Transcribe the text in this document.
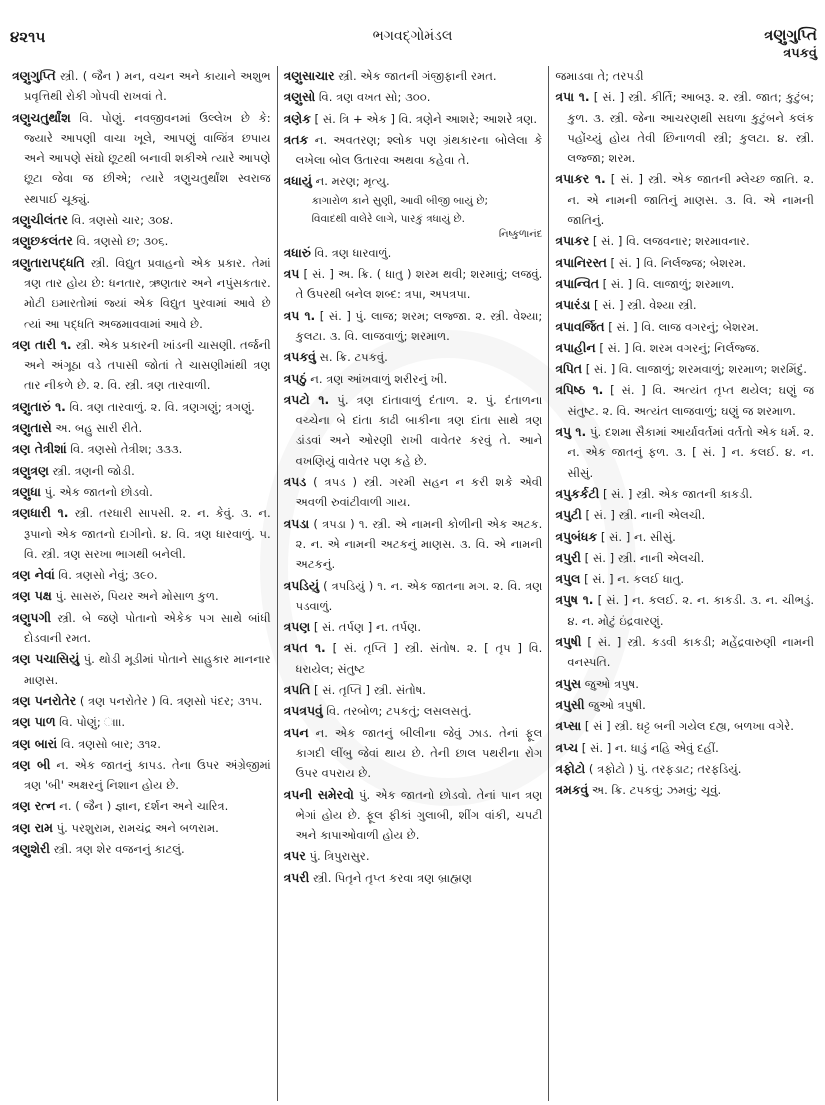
૪૨૧૫	ભગવદ્ગોમંડલ	ત્રણુગુપ્તિ
ત્રપકવું
ત્રણુગુપ્તિ સ્ત્રી. ( જૈન ) મન, વચન અને કાયાને અશુભ પ્રવૃત્તિથી રોકી ગોપવી રાખવાં તે.
ત્રણુચતુર્થાંશ વિ. પોણું. નવજીવનમાં ઉલ્લેખ છે કે: જ્યારે આપણી વાચા ખૂલે, આપણું વાજિંત્ર છપાય અને આપણે સંઘો છૂટથી બનાવી શકીએ ત્યારે આપણે છૂટા જેવા જ છીએ; ત્યારે ત્રણુચતુર્થાંશ સ્વરાજ સ્થપાઈ ચૂક્યું.
ત્રણુચીલંતર વિ. ત્રણસો ચાર; ૩૦૪.
ત્રણુછકલંતર વિ. ત્રણસો છ; ૩૦૬.
ત્રણુતારાપદ્ધતિ સ્ત્રી. વિદ્યુત પ્રવાહનો એક પ્રકાર. તેમાં ત્રણ તાર હોય છે: ધનતાર, ઋણતાર અને નપુંસકતાર. મોટી ઇમારતોમાં જ્યાં એક વિદ્યુત પુરવામાં આવે છે ત્યાં આ પદ્ધતિ અજમાવવામાં આવે છે.
ત્રણ તારી ૧. સ્ત્રી. એક પ્રકારની ખાંડની ચાસણી. તર્જની અને અંગૂઠા વડે તપાસી જોતાં તે ચાસણીમાંથી ત્રણ તાર નીકળે છે. ૨. વિ. સ્ત્રી. ત્રણ તારવાળી.
ત્રણુતારું ૧. વિ. ત્રણ તારવાળું. ૨. વિ. ત્રણગણું; ત્રગણું.
ત્રણુતાસે અ. બહુ સારી રીતે.
ત્રણ તેત્રીશાં વિ. ત્રણસો તેત્રીશ; ૩૩૩.
ત્રણુત્રણ સ્ત્રી. ત્રણની જોડી.
ત્રણુધા પું. એક જાતનો છોડવો.
ત્રણધારી ૧. સ્ત્રી. તરધારી સાપસી. ૨. ન. કેવું. ૩. ન. રૂપાનો એક જાતનો દાગીનો. ૪. વિ. ત્રણ ધારવાળું. ૫. વિ. સ્ત્રી. ત્રણ સરખા ભાગથી બનેલી.
ત્રણ નેવાં વિ. ત્રણસો નેવું; ૩૯૦.
ત્રણ પક્ષ પું. સાસરું, પિયર અને મોસાળ કુળ.
ત્રણુપગી સ્ત્રી. બે જણે પોતાનો એકેક પગ સાથે બાંધી દોડવાની રમત.
ત્રણ પચાસિયું પું. થોડી મૂડીમાં પોતાને સાહુકાર માનનાર માણસ.
ત્રણ પનરોતેર ( ત્રણ પનરોતેર ) વિ. ત્રણસો પંદર; ૩૧૫.
ત્રણ પાળ વિ. પોણું; ાાા.
ત્રણ બારાં વિ. ત્રણસો બાર; ૩૧૨.
ત્રણ બી ન. એક જાતનું કાપડ. તેના ઉપર અંગ્રેજીમાં ત્રણ 'બી' અક્ષરનું નિશાન હોય છે.
ત્રણ રત્ન ન. ( જૈન ) જ્ઞાન, દર્શન અને ચારિત્ર.
ત્રણ રામ પું. પરશુરામ, રામચંદ્ર અને બળરામ.
ત્રણુશેરી સ્ત્રી. ત્રણ શેર વજનનું કાટલું.
ત્રણુસાચાર સ્ત્રી. એક જાતની ગંજીફાની રમત.
ત્રણુસો વિ. ત્રણ વખત સો; ૩૦૦.
ત્રણેક [ સં. ત્રિ + એક ] વિ. ત્રણેને આશરે; આશરે ત્રણ.
ત્રતક ન. અવતરણ; શ્લોક પણ ગ્રંથકારના બોલેલા કે લખેલા બોલ ઉતારવા અથવા કહેવા તે.
ત્રધાયું ન. મરણ; મૃત્યુ.
કાગારોળ કાને સુણી, આવી બીજી બાયું છે;
વિવાદથી વાલેરે લાગે, પારકું ત્રધાયું છે.
નિષ્કુળાનંદ
ત્રધારું વિ. ત્રણ ધારવાળું.
ત્રપ [ સં. ] અ. ક્રિ. ( ધાતુ ) શરમ થવી; શરમાવું; લજવું. તે ઉપરથી બનેલ શબ્દ: ત્રપા, અપત્રપા.
ત્રપ ૧. [ સં. ] પું. લાજ; શરમ; લજ્જા. ૨. સ્ત્રી. વેશ્યા; કુલટા. ૩. વિ. લાજવાળું; શરમાળ.
ત્રપકવું સ. ક્રિ. ટપકવું.
ત્રપઠું ન. ત્રણ આંખવાળું શરીરનું ખી.
ત્રપટો ૧. પું. ત્રણ દાંતાવાળું દંતાળ. ૨. પું. દંતાળના વચ્ચેના બે દાંતા કાઢી બાકીના ત્રણ દાંતા સાથે ત્રણ ડાંડવાં અને ઓરણી રાખી વાવેતર કરવું તે. આને વખણિયું વાવેતર પણ કહે છે.
ત્રપડ ( ત્રપડ ) સ્ત્રી. ગરમી સહન ન કરી શકે એવી અવળી રુવાંટીવાળી ગાય.
ત્રપડા ( ત્રપડા ) ૧. સ્ત્રી. એ નામની કોળીની એક અટક. ૨. ન. એ નામની અટકનું માણસ. ૩. વિ. એ નામની અટકનું.
ત્રપડિયું ( ત્રપડિયું ) ૧. ન. એક જાતના મગ. ૨. વિ. ત્રણ પડવાળું.
ત્રપણ [ સં. તર્પણ ] ન. તર્પણ.
ત્રપત ૧. [ સં. તૃપ્તિ ] સ્ત્રી. સંતોષ. ૨. [ તૃપ ] વિ. ધરાયેલ; સંતુષ્ટ
ત્રપતિ [ સં. તૃપ્તિ ] સ્ત્રી. સંતોષ.
ત્રપત્રપવું વિ. તરબોળ; ટપકતું; લસલસતું.
ત્રપન ન. એક જાતનું બીલીના જેવું ઝાડ. તેનાં ફૂલ કાગદી લીંબુ જેવાં થાય છે. તેની છાલ પથરીના રોગ ઉપર વપરાય છે.
ત્રપની સમેરવો પું. એક જાતનો છોડવો. તેનાં પાન ત્રણ ભેગાં હોય છે. ફૂલ ફીકાં ગુલાબી, શીંગ વાંકી, ચપટી અને કાપાઓવાળી હોય છે.
ત્રપર પું. ત્રિપુરાસુર.
ત્રપરી સ્ત્રી. પિતૃને તૃપ્ત કરવા ત્રણ બ્રાહ્મણ
જમાડવા તે; તરપડી
ત્રપા ૧. [ સં. ] સ્ત્રી. કીર્તિ; આબરૂ. ૨. સ્ત્રી. જાત; કુટુંબ; કુળ. ૩. સ્ત્રી. જેના આચરણથી સઘળા કુટુંબને કલંક પહોંચ્યું હોય તેવી છિનાળવી સ્ત્રી; કુલટા. ૪. સ્ત્રી. લજ્જા; શરમ.
ત્રપાકર ૧. [ સં. ] સ્ત્રી. એક જાતની મ્લેચ્છ જાતિ. ૨. ન. એ નામની જાતિનું માણસ. ૩. વિ. એ નામની જાતિનું.
ત્રપાકર [ સં. ] વિ. લજવનાર; શરમાવનાર.
ત્રપાનિરસ્ત [ સં. ] વિ. નિર્લજ્જ; બેશરમ.
ત્રપાન્વિત [ સં. ] વિ. લાજાળું; શરમાળ.
ત્રપારંડા [ સં. ] સ્ત્રી. વેશ્યા સ્ત્રી.
ત્રપાવર્જિત [ સં. ] વિ. લાજ વગરનું; બેશરમ.
ત્રપાહીન [ સં. ] વિ. શરમ વગરનું; નિર્લજ્જ.
ત્રપિત [ સં. ] વિ. લાજાળું; શરમવાળું; શરમાળ; શરમિંદું.
ત્રપિષ્ઠ ૧. [ સં. ] વિ. અત્યંત તૃપ્ત થયેલ; ઘણું જ સંતુષ્ટ. ૨. વિ. અત્યંત લાજવાળું; ઘણું જ શરમાળ.
ત્રપુ ૧. પું. દશમા સૈકામાં આર્યાવર્તમાં વર્તતો એક ધર્મ. ૨. ન. એક જાતનું ફળ. ૩. [ સં. ] ન. કલઈ. ૪. ન. સીસું.
ત્રપુકર્કટી [ સં. ] સ્ત્રી. એક જાતની કાકડી.
ત્રપુટી [ સં. ] સ્ત્રી. નાની એલચી.
ત્રપુબંધક [ સં. ] ન. સીસું.
ત્રપુરી [ સં. ] સ્ત્રી. નાની એલચી.
ત્રપુલ [ સં. ] ન. કલઈ ધાતુ.
ત્રપુષ ૧. [ સં. ] ન. કલઈ. ૨. ન. કાકડી. ૩. ન. ચીભડું. ૪. ન. મોટું ઇંદ્રવારણું.
ત્રપુષી [ સં. ] સ્ત્રી. કડવી કાકડી; મહેંદ્રવારુણી નામની વનસ્પતિ.
ત્રપુસ જુઓ ત્રપુષ.
ત્રપુસી જુઓ ત્રપુષી.
ત્રપ્સા [ સં ] સ્ત્રી. ઘટ્ટ બની ગયેલ દહ્ય, બળખા વગેરે.
ત્રપ્ચ [ સં. ] ન. ધાડું નહિ એવું દહીં.
ત્રફોટો ( ત્રફોટો ) પું. તરફડાટ; તરફડિયું.
ત્રમકવું અ. ક્રિ. ટપકવું; ઝમવું; ચૂવું.
